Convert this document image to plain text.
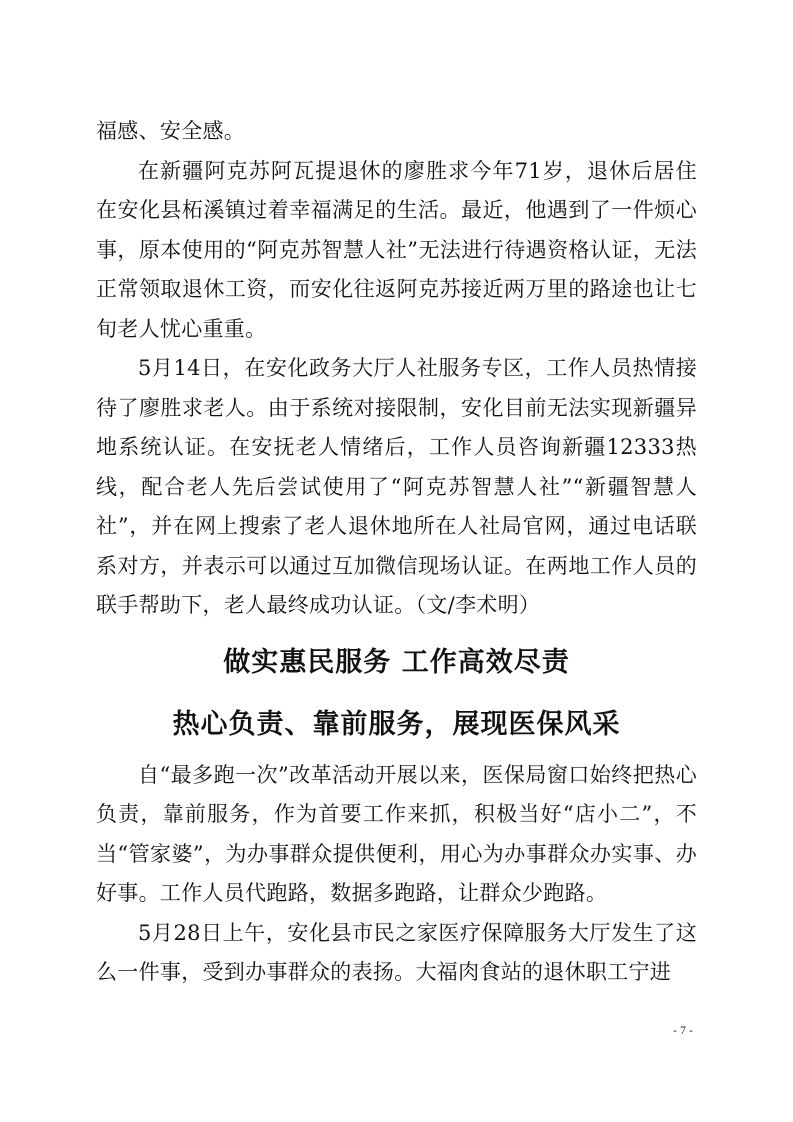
福感、安全感。

在新疆阿克苏阿瓦提退休的廖胜求今年71岁，退休后居住在安化县柘溪镇过着幸福满足的生活。最近，他遇到了一件烦心事，原本使用的“阿克苏智慧人社”无法进行待遇资格认证，无法正常领取退休工资，而安化往返阿克苏接近两万里的路途也让七旬老人忧心重重。

5月14日，在安化政务大厅人社服务专区，工作人员热情接待了廖胜求老人。由于系统对接限制，安化目前无法实现新疆异地系统认证。在安抚老人情绪后，工作人员咨询新疆12333热线，配合老人先后尝试使用了“阿克苏智慧人社”“新疆智慧人社”，并在网上搜索了老人退休地所在人社局官网，通过电话联系对方，并表示可以通过互加微信现场认证。在两地工作人员的联手帮助下，老人最终成功认证。（文/李术明）

做实惠民服务 工作高效尽责
热心负责、靠前服务，展现医保风采

自“最多跑一次”改革活动开展以来，医保局窗口始终把热心负责，靠前服务，作为首要工作来抓，积极当好“店小二”，不当“管家婆”，为办事群众提供便利，用心为办事群众办实事、办好事。工作人员代跑路，数据多跑路，让群众少跑路。

5月28日上午，安化县市民之家医疗保障服务大厅发生了这么一件事，受到办事群众的表扬。大福肉食站的退休职工宁进

- 7 -
